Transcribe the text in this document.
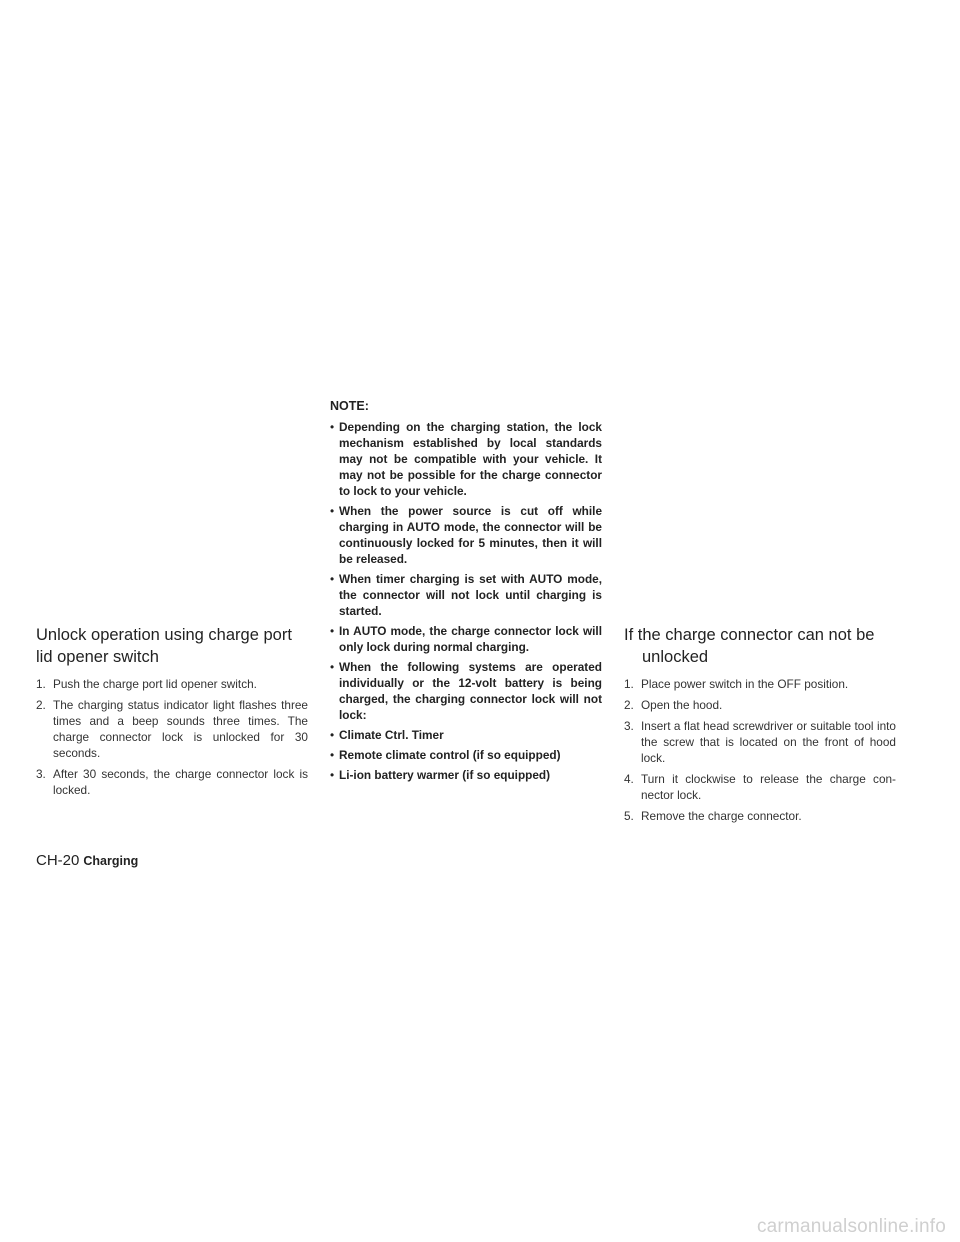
Unlock operation using charge port lid opener switch
1. Push the charge port lid opener switch.
2. The charging status indicator light flashes three times and a beep sounds three times. The charge connector lock is unlocked for 30 seconds.
3. After 30 seconds, the charge connector lock is locked.
NOTE:
• Depending on the charging station, the lock mechanism established by local standards may not be compatible with your vehicle. It may not be possible for the charge connector to lock to your vehicle.
• When the power source is cut off while charging in AUTO mode, the connector will be continuously locked for 5 minutes, then it will be released.
• When timer charging is set with AUTO mode, the connector will not lock until charging is started.
• In AUTO mode, the charge connector lock will only lock during normal charging.
• When the following systems are operated individually or the 12-volt battery is being charged, the charging connector lock will not lock:
• Climate Ctrl. Timer
• Remote climate control (if so equipped)
• Li-ion battery warmer (if so equipped)
If the charge connector can not be unlocked
1. Place power switch in the OFF position.
2. Open the hood.
3. Insert a flat head screwdriver or suitable tool into the screw that is located on the front of hood lock.
4. Turn it clockwise to release the charge con-nector lock.
5. Remove the charge connector.
CH-20 Charging
carmanualsonline.info
